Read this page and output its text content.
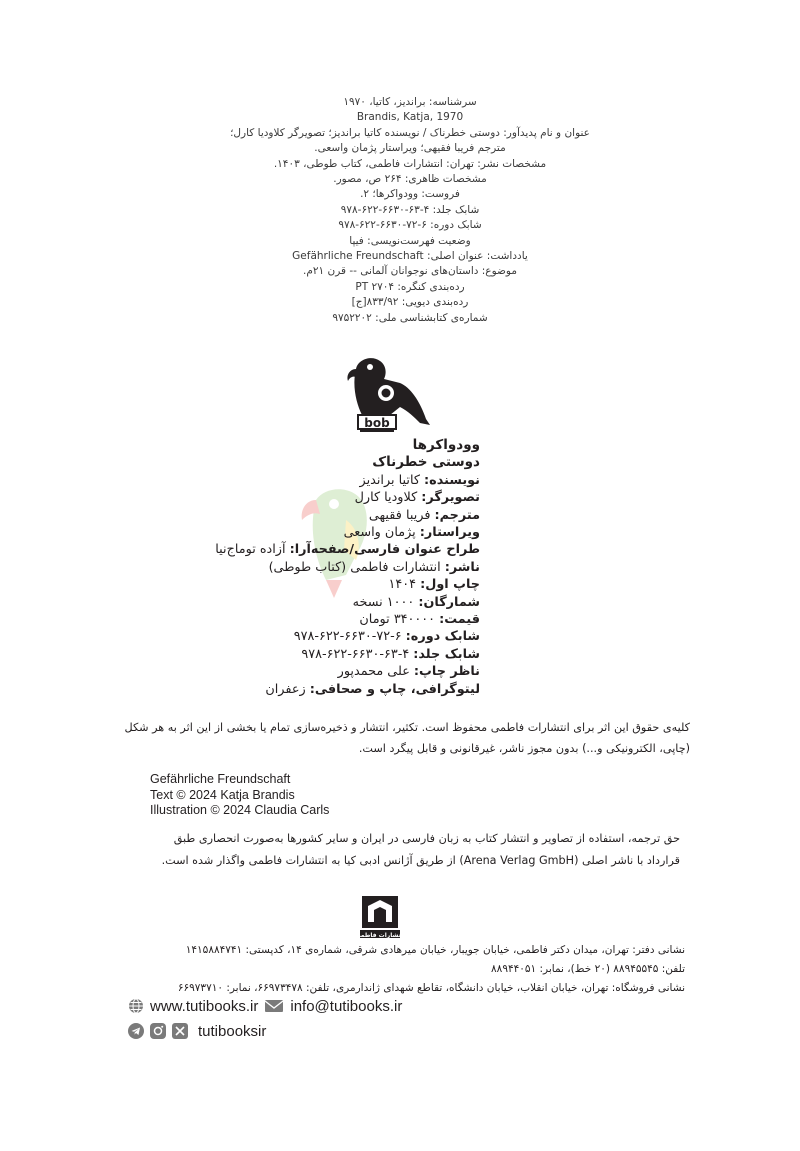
سرشناسه: براندیز، کاتیا، ۱۹۷۰
Brandis, Katja, 1970
عنوان و نام پدیدآور: دوستی خطرناک / نویسنده کاتیا براندیز؛ تصویرگر کلاودیا کارل؛
مترجم فریبا فقیهی؛ ویراستار پژمان واسعی.
مشخصات نشر: تهران: انتشارات فاطمی، کتاب طوطی، ۱۴۰۳.
مشخصات ظاهری: ۲۶۴ ص، مصور.
فروست: وودواکرها؛ ۲.
شابک جلد: ۴-۶۳-۶۶۳۰-۶۲۲-۹۷۸
شابک دوره: ۶-۷۲-۶۶۳۰-۶۲۲-۹۷۸
وضعیت فهرست‌نویسی: فیپا
یادداشت: عنوان اصلی: Gefährliche Freundschaft
موضوع: داستان‌های نوجوانان آلمانی -- قرن ۲۱م.
رده‌بندی کنگره: PT ۲۷۰۴
رده‌بندی دیویی: ۸۳۳/۹۲[ج]
شماره‌ی کتابشناسی ملی: ۹۷۵۲۲۰۲
bob
وودواکرها
دوستی خطرناک
نویسنده: کاتیا براندیز
تصویرگر: کلاودیا کارل
مترجم: فریبا فقیهی
ویراستار: پژمان واسعی
طراح عنوان فارسی/صفحه‌آرا: آزاده توماج‌نیا
ناشر: انتشارات فاطمی (کتاب طوطی)
چاپ اول: ۱۴۰۴
شمارگان: ۱۰۰۰ نسخه
قیمت: ۳۴۰۰۰۰ تومان
شابک دوره: ۶-۷۲-۶۶۳۰-۶۲۲-۹۷۸
شابک جلد: ۴-۶۳-۶۶۳۰-۶۲۲-۹۷۸
ناظر چاپ: علی محمدپور
لیتوگرافی، چاپ و صحافی: زعفران
کلیه‌ی حقوق این اثر برای انتشارات فاطمی محفوظ است. تکثیر، انتشار و ذخیره‌سازی تمام یا بخشی از این اثر به هر شکل (چاپی، الکترونیکی و...) بدون مجوز ناشر، غیرقانونی و قابل پیگرد است.
Gefährliche Freundschaft
Text © 2024 Katja Brandis
Illustration © 2024 Claudia Carls
حق ترجمه، استفاده از تصاویر و انتشار کتاب به زبان فارسی در ایران و سایر کشورها به‌صورت انحصاری طبق قرارداد با ناشر اصلی (Arena Verlag GmbH) از طریق آژانس ادبی کیا به انتشارات فاطمی واگذار شده است.
انتشارات فاطمی
نشانی دفتر: تهران، میدان دکتر فاطمی، خیابان جویبار، خیابان میرهادی شرقی، شماره‌ی ۱۴، کدپستی: ۱۴۱۵۸۸۴۷۴۱
تلفن: ۸۸۹۴۵۵۴۵ (۲۰ خط)، نمابر: ۸۸۹۴۴۰۵۱
نشانی فروشگاه: تهران، خیابان انقلاب، خیابان دانشگاه، تقاطع شهدای ژاندارمری، تلفن: ۶۶۹۷۳۴۷۸، نمابر: ۶۶۹۷۳۷۱۰
www.tutibooks.ir info@tutibooks.ir
tutibooksir
